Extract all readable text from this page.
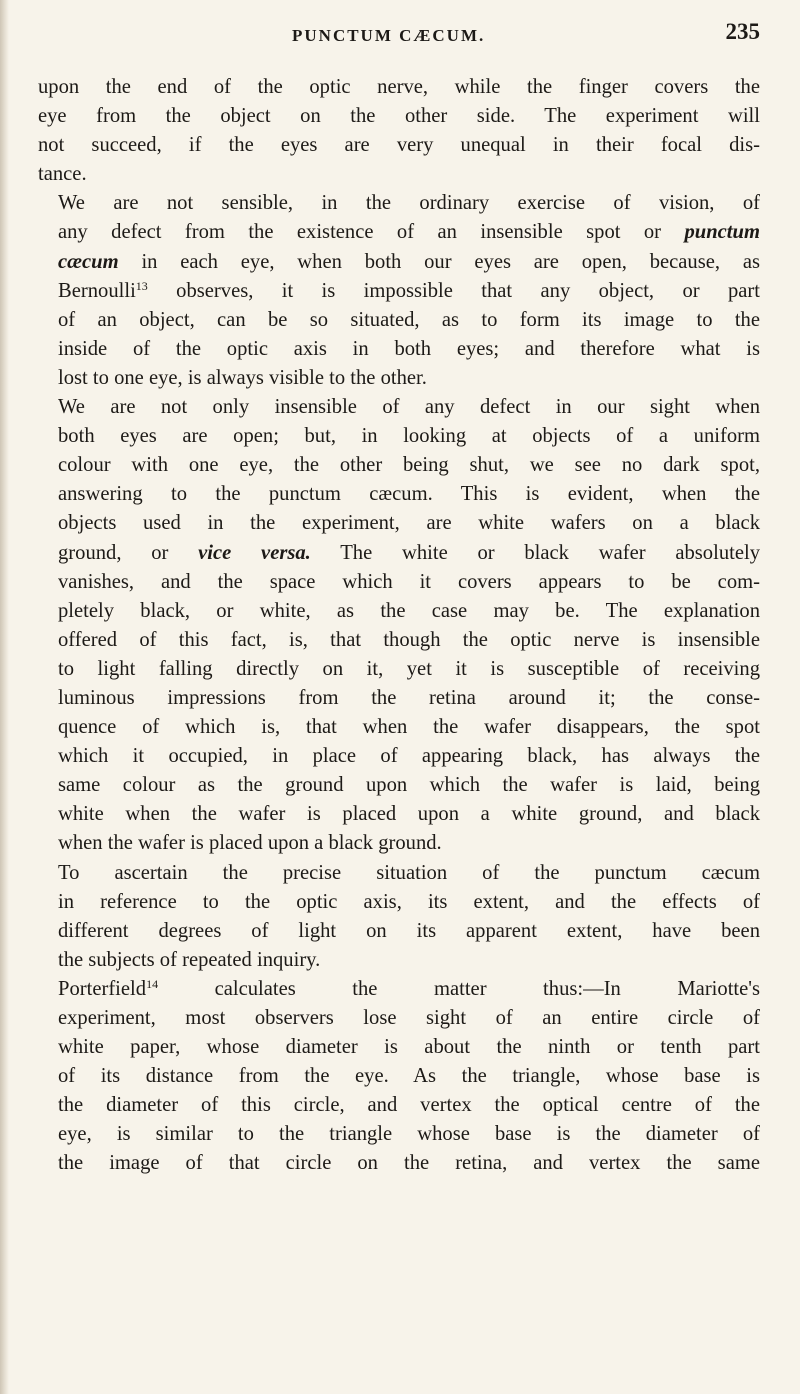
PUNCTUM CÆCUM.	235

upon the end of the optic nerve, while the finger covers the
eye from the object on the other side. The experiment will
not succeed, if the eyes are very unequal in their focal dis-
tance.

We are not sensible, in the ordinary exercise of vision, of
any defect from the existence of an insensible spot or punctum
cæcum in each eye, when both our eyes are open, because, as
Bernoulli$^{13}$ observes, it is impossible that any object, or part
of an object, can be so situated, as to form its image to the
inside of the optic axis in both eyes; and therefore what is
lost to one eye, is always visible to the other.

We are not only insensible of any defect in our sight when
both eyes are open; but, in looking at objects of a uniform
colour with one eye, the other being shut, we see no dark spot,
answering to the punctum cæcum. This is evident, when the
objects used in the experiment, are white wafers on a black
ground, or vice versa. The white or black wafer absolutely
vanishes, and the space which it covers appears to be com-
pletely black, or white, as the case may be. The explanation
offered of this fact, is, that though the optic nerve is insensible
to light falling directly on it, yet it is susceptible of receiving
luminous impressions from the retina around it; the conse-
quence of which is, that when the wafer disappears, the spot
which it occupied, in place of appearing black, has always the
same colour as the ground upon which the wafer is laid, being
white when the wafer is placed upon a white ground, and black
when the wafer is placed upon a black ground.

To ascertain the precise situation of the punctum cæcum
in reference to the optic axis, its extent, and the effects of
different degrees of light on its apparent extent, have been
the subjects of repeated inquiry.

Porterfield$^{14}$	calculates the matter thus:—In Mariotte's
experiment, most observers lose sight of an entire circle of
white paper, whose diameter is about the ninth or tenth part
of its distance from the eye. As the triangle, whose base is
the diameter of this circle, and vertex the optical centre of the
eye, is similar to the triangle whose base is the diameter of
the image of that circle on the retina, and vertex the same
